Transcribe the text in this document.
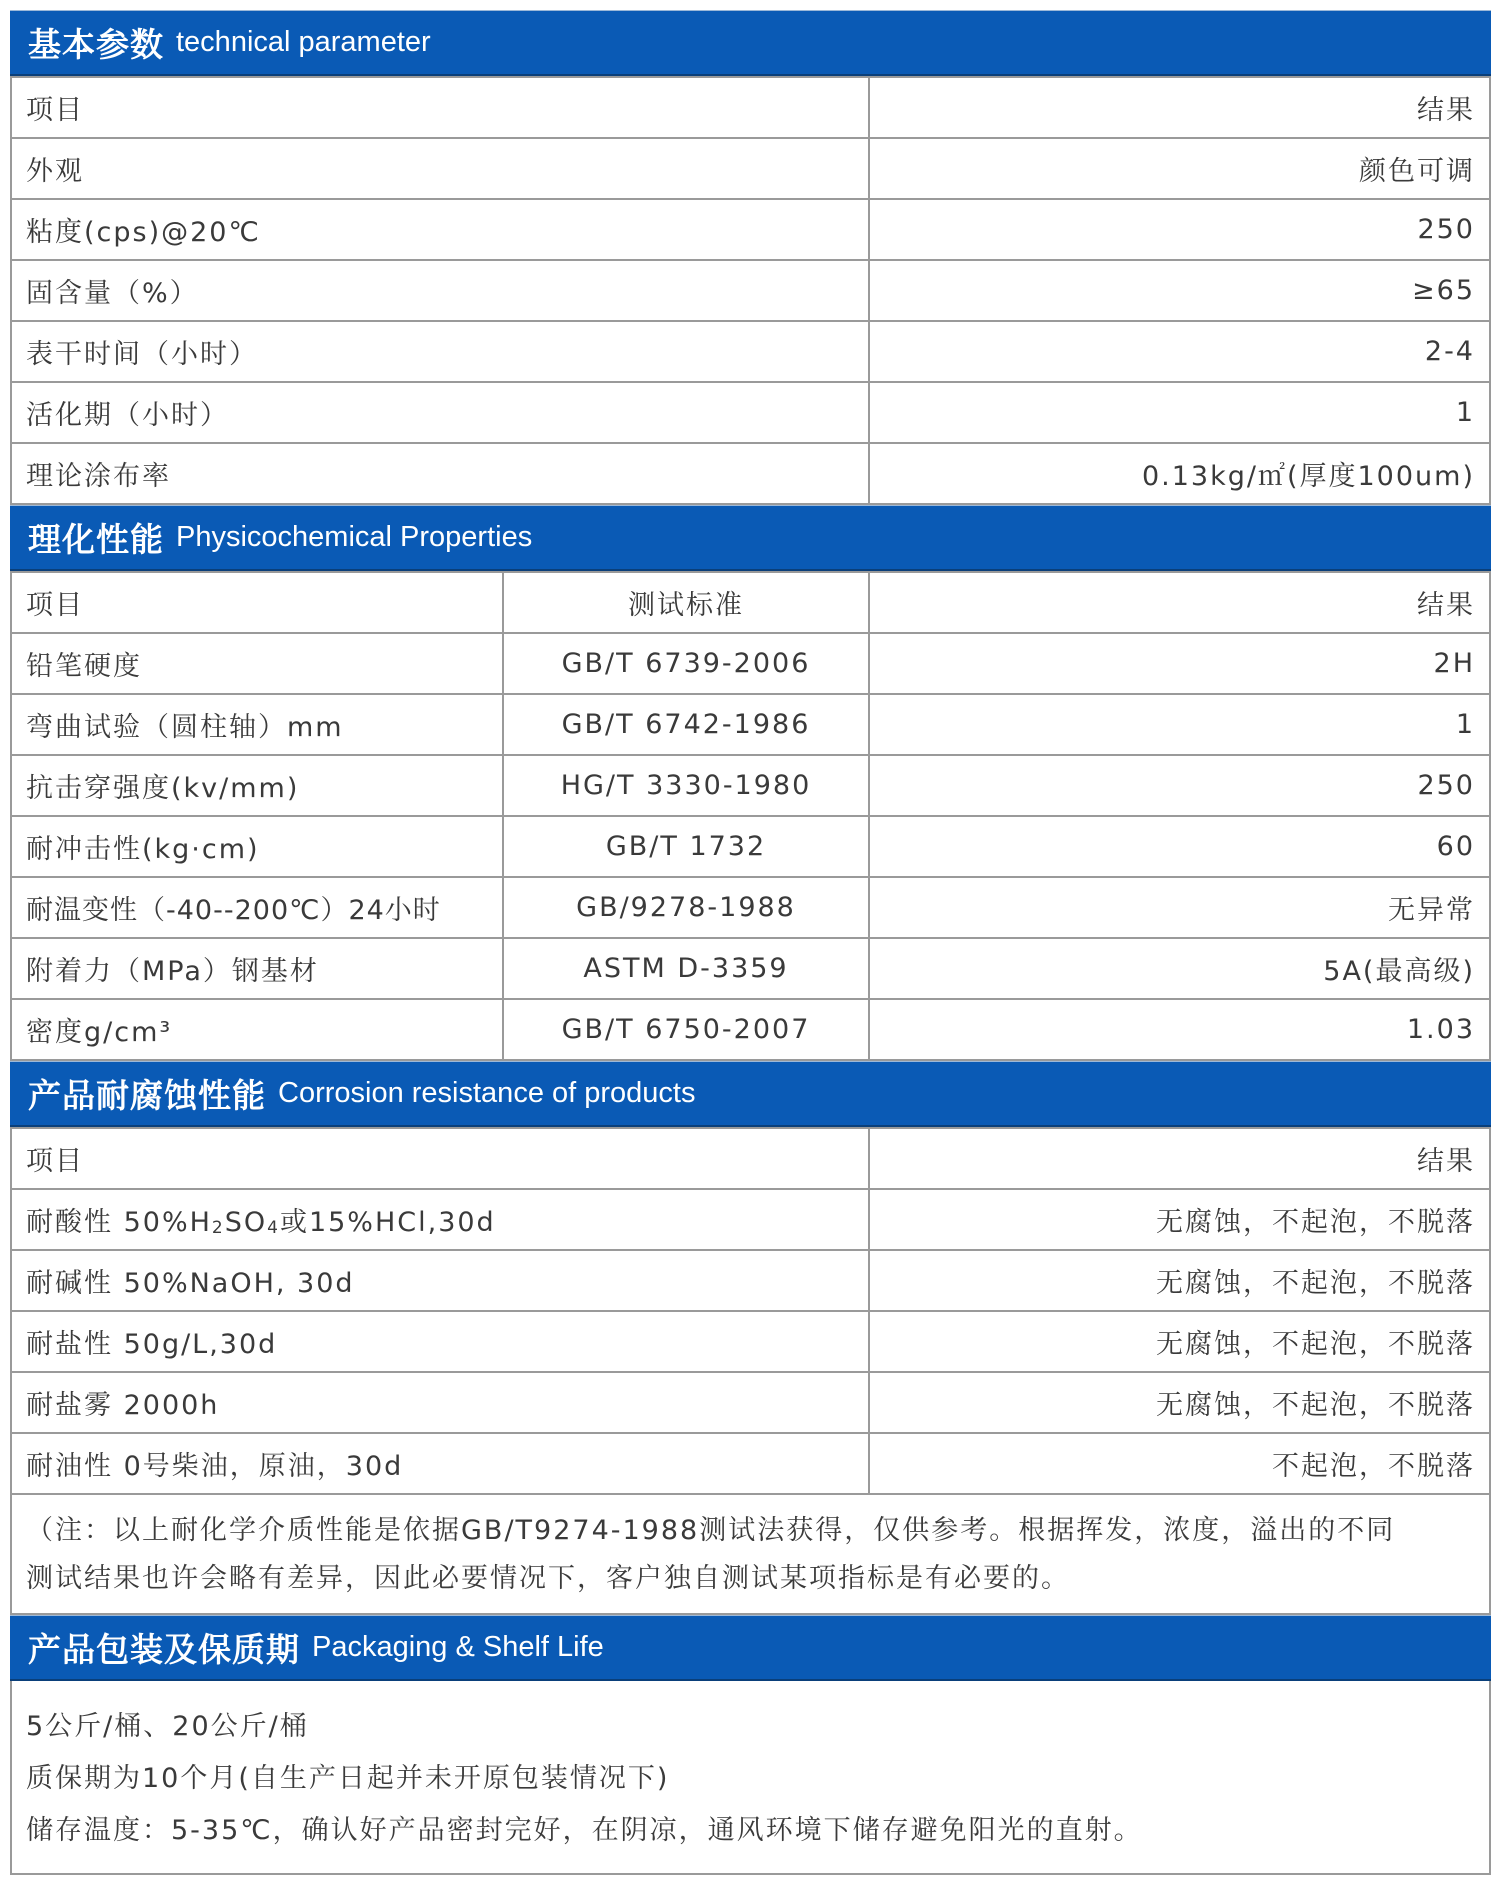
基本参数 technical parameter
项目	结果
外观	颜色可调
粘度(cps)@20℃	250
固含量（%）	≥65
表干时间（小时）	2-4
活化期（小时）	1
理论涂布率	0.13kg/㎡(厚度100um)
理化性能 Physicochemical Properties
项目	测试标准	结果
铅笔硬度	GB/T 6739-2006	2H
弯曲试验（圆柱轴）mm	GB/T 6742-1986	1
抗击穿强度(kv/mm)	HG/T 3330-1980	250
耐冲击性(kg·cm)	GB/T 1732	60
耐温变性（-40--200℃）24小时	GB/9278-1988	无异常
附着力（MPa）钢基材	ASTM D-3359	5A(最高级)
密度g/cm³	GB/T 6750-2007	1.03
产品耐腐蚀性能 Corrosion resistance of products
项目	结果
耐酸性 $50\%H_2SO_4$或15%HCl,30d	无腐蚀，不起泡，不脱落
耐碱性 50%NaOH, 30d	无腐蚀，不起泡，不脱落
耐盐性 50g/L,30d	无腐蚀，不起泡，不脱落
耐盐雾 2000h	无腐蚀，不起泡，不脱落
耐油性 0号柴油，原油，30d	不起泡，不脱落
（注：以上耐化学介质性能是依据GB/T9274-1988测试法获得，仅供参考。根据挥发，浓度，溢出的不同
测试结果也许会略有差异，因此必要情况下，客户独自测试某项指标是有必要的。
产品包装及保质期 Packaging & Shelf Life
5公斤/桶、20公斤/桶
质保期为10个月(自生产日起并未开原包装情况下)
储存温度：5-35℃，确认好产品密封完好，在阴凉，通风环境下储存避免阳光的直射。
